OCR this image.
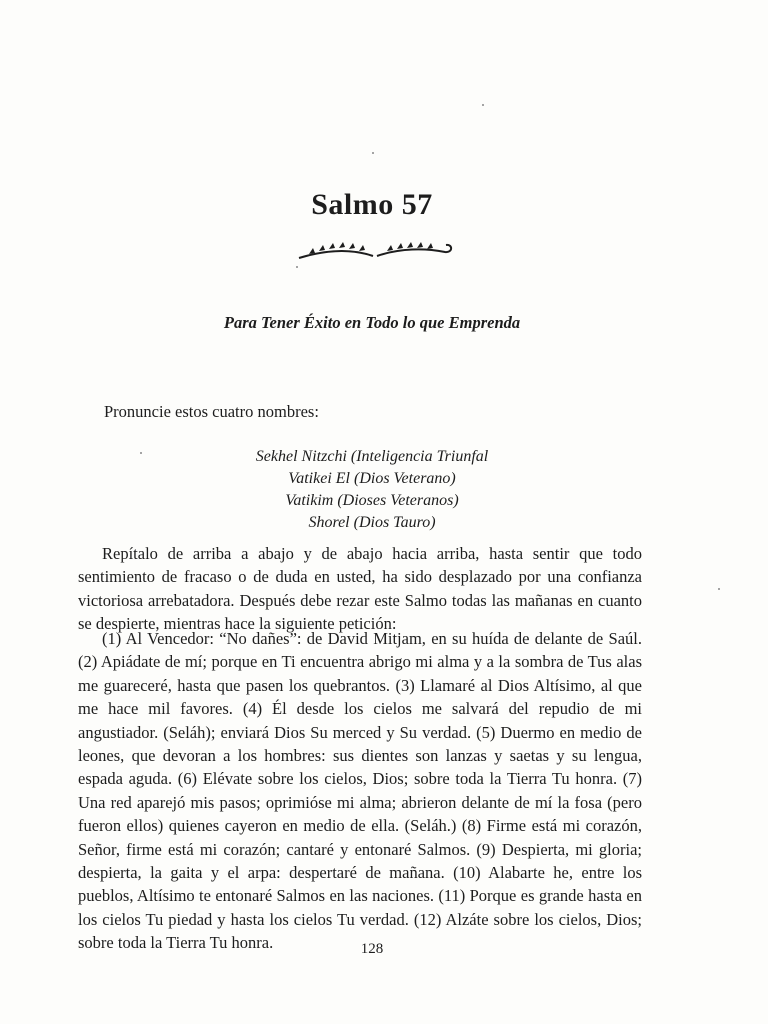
Salmo 57
Para Tener Éxito en Todo lo que Emprenda
Pronuncie estos cuatro nombres:
Sekhel Nitzchi (Inteligencia Triunfal
Vatikei El (Dios Veterano)
Vatikim (Dioses Veteranos)
Shorel (Dios Tauro)
Repítalo de arriba a abajo y de abajo hacia arriba, hasta sentir que todo sentimiento de fracaso o de duda en usted, ha sido desplazado por una confianza victoriosa arrebatadora. Después debe rezar este Salmo todas las mañanas en cuanto se despierte, mientras hace la siguiente petición:
(1) Al Vencedor: “No dañes”: de David Mitjam, en su huída de delante de Saúl. (2) Apiádate de mí; porque en Ti encuentra abrigo mi alma y a la sombra de Tus alas me guareceré, hasta que pasen los quebrantos. (3) Llamaré al Dios Altísimo, al que me hace mil favores. (4) Él desde los cielos me salvará del repudio de mi angustiador. (Seláh); enviará Dios Su merced y Su verdad. (5) Duermo en medio de leones, que devoran a los hombres: sus dientes son lanzas y saetas y su lengua, espada aguda. (6) Elévate sobre los cielos, Dios; sobre toda la Tierra Tu honra. (7) Una red aparejó mis pasos; oprimióse mi alma; abrieron delante de mí la fosa (pero fueron ellos) quienes cayeron en medio de ella. (Seláh.) (8) Firme está mi corazón, Señor, firme está mi corazón; cantaré y entonaré Salmos. (9) Despierta, mi gloria; despierta, la gaita y el arpa: despertaré de mañana. (10) Alabarte he, entre los pueblos, Altísimo te entonaré Salmos en las naciones. (11) Porque es grande hasta en los cielos Tu piedad y hasta los cielos Tu verdad. (12) Alzáte sobre los cielos, Dios; sobre toda la Tierra Tu honra.	128
